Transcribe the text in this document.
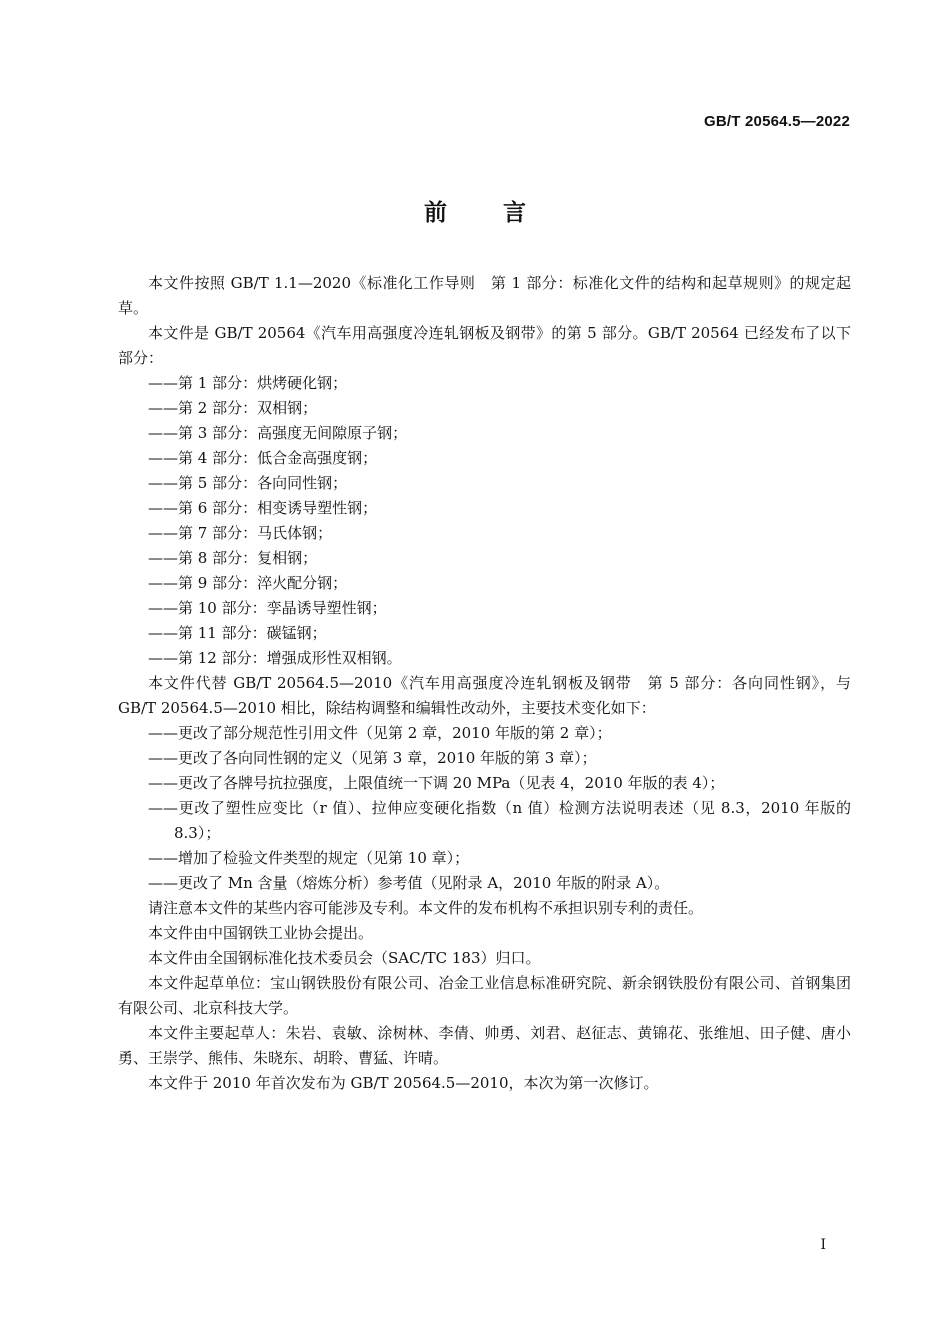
GB/T 20564.5—2022
前言

本文件按照 GB/T 1.1—2020《标准化工作导则　第 1 部分：标准化文件的结构和起草规则》的规定起草。

本文件是 GB/T 20564《汽车用高强度冷连轧钢板及钢带》的第 5 部分。GB/T 20564 已经发布了以下部分：

——第 1 部分：烘烤硬化钢；

——第 2 部分：双相钢；

——第 3 部分：高强度无间隙原子钢；

——第 4 部分：低合金高强度钢；

——第 5 部分：各向同性钢；

——第 6 部分：相变诱导塑性钢；

——第 7 部分：马氏体钢；

——第 8 部分：复相钢；

——第 9 部分：淬火配分钢；

——第 10 部分：孪晶诱导塑性钢；

——第 11 部分：碳锰钢；

——第 12 部分：增强成形性双相钢。

本文件代替 GB/T 20564.5—2010《汽车用高强度冷连轧钢板及钢带　第 5 部分：各向同性钢》，与 GB/T 20564.5—2010 相比，除结构调整和编辑性改动外，主要技术变化如下：

——更改了部分规范性引用文件（见第 2 章，2010 年版的第 2 章）；

——更改了各向同性钢的定义（见第 3 章，2010 年版的第 3 章）；

——更改了各牌号抗拉强度，上限值统一下调 20 MPa（见表 4，2010 年版的表 4）；

——更改了塑性应变比（r 值）、拉伸应变硬化指数（n 值）检测方法说明表述（见 8.3，2010 年版的 8.3）；

——增加了检验文件类型的规定（见第 10 章）；

——更改了 Mn 含量（熔炼分析）参考值（见附录 A，2010 年版的附录 A）。

请注意本文件的某些内容可能涉及专利。本文件的发布机构不承担识别专利的责任。

本文件由中国钢铁工业协会提出。

本文件由全国钢标准化技术委员会（SAC/TC 183）归口。

本文件起草单位：宝山钢铁股份有限公司、冶金工业信息标准研究院、新余钢铁股份有限公司、首钢集团有限公司、北京科技大学。

本文件主要起草人：朱岩、袁敏、涂树林、李倩、帅勇、刘君、赵征志、黄锦花、张维旭、田子健、唐小勇、王崇学、熊伟、朱晓东、胡聆、曹猛、许晴。

本文件于 2010 年首次发布为 GB/T 20564.5—2010，本次为第一次修订。

I
